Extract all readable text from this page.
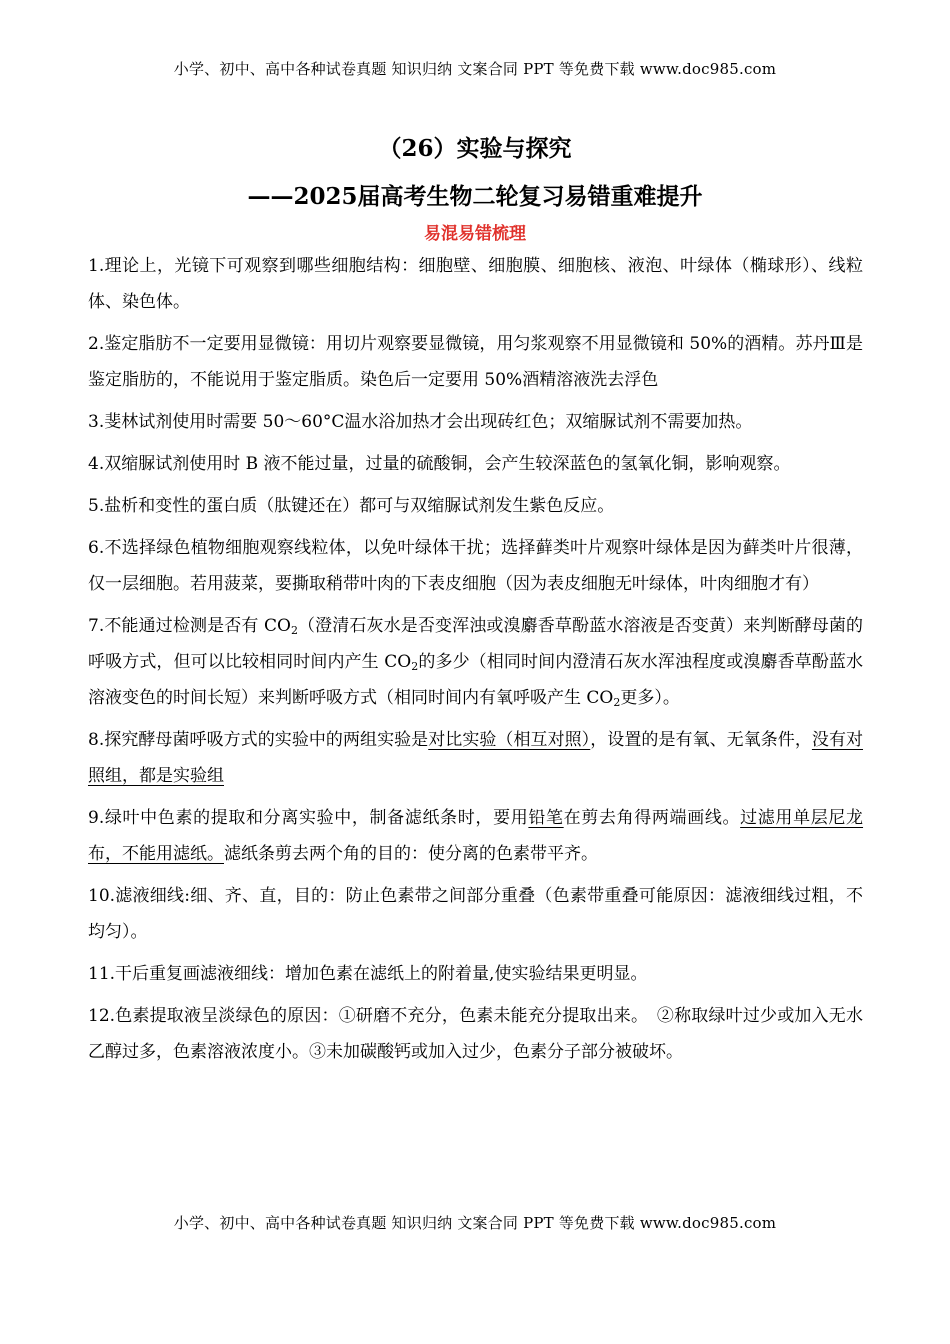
小学、初中、高中各种试卷真题 知识归纳 文案合同 PPT 等免费下载 www.doc985.com
（26）实验与探究
——2025届高考生物二轮复习易错重难提升
易混易错梳理

1.理论上，光镜下可观察到哪些细胞结构：细胞壁、细胞膜、细胞核、液泡、叶绿体（椭球形）、线粒体、染色体。

2.鉴定脂肪不一定要用显微镜：用切片观察要显微镜，用匀浆观察不用显微镜和 50%的酒精。苏丹Ⅲ是鉴定脂肪的，不能说用于鉴定脂质。染色后一定要用 50%酒精溶液洗去浮色

3.斐林试剂使用时需要 50～60°C温水浴加热才会出现砖红色；双缩脲试剂不需要加热。

4.双缩脲试剂使用时 B 液不能过量，过量的硫酸铜，会产生较深蓝色的氢氧化铜，影响观察。

5.盐析和变性的蛋白质（肽键还在）都可与双缩脲试剂发生紫色反应。

6.不选择绿色植物细胞观察线粒体，以免叶绿体干扰；选择藓类叶片观察叶绿体是因为藓类叶片很薄，仅一层细胞。若用菠菜，要撕取稍带叶肉的下表皮细胞（因为表皮细胞无叶绿体，叶肉细胞才有）

7.不能通过检测是否有 $CO_2$（澄清石灰水是否变浑浊或溴麝香草酚蓝水溶液是否变黄）来判断酵母菌的呼吸方式，但可以比较相同时间内产生 $CO_2$的多少（相同时间内澄清石灰水浑浊程度或溴麝香草酚蓝水溶液变色的时间长短）来判断呼吸方式（相同时间内有氧呼吸产生 $CO_2$更多）。

8.探究酵母菌呼吸方式的实验中的两组实验是对比实验（相互对照），设置的是有氧、无氧条件，没有对照组，都是实验组

9.绿叶中色素的提取和分离实验中，制备滤纸条时，要用铅笔在剪去角得两端画线。过滤用单层尼龙布，不能用滤纸。滤纸条剪去两个角的目的：使分离的色素带平齐。

10.滤液细线:细、齐、直，目的：防止色素带之间部分重叠（色素带重叠可能原因：滤液细线过粗，不均匀）。

11.干后重复画滤液细线：增加色素在滤纸上的附着量,使实验结果更明显。

12.色素提取液呈淡绿色的原因：①研磨不充分，色素未能充分提取出来。　②称取绿叶过少或加入无水乙醇过多，色素溶液浓度小。③未加碳酸钙或加入过少，色素分子部分被破坏。

小学、初中、高中各种试卷真题 知识归纳 文案合同 PPT 等免费下载 www.doc985.com
